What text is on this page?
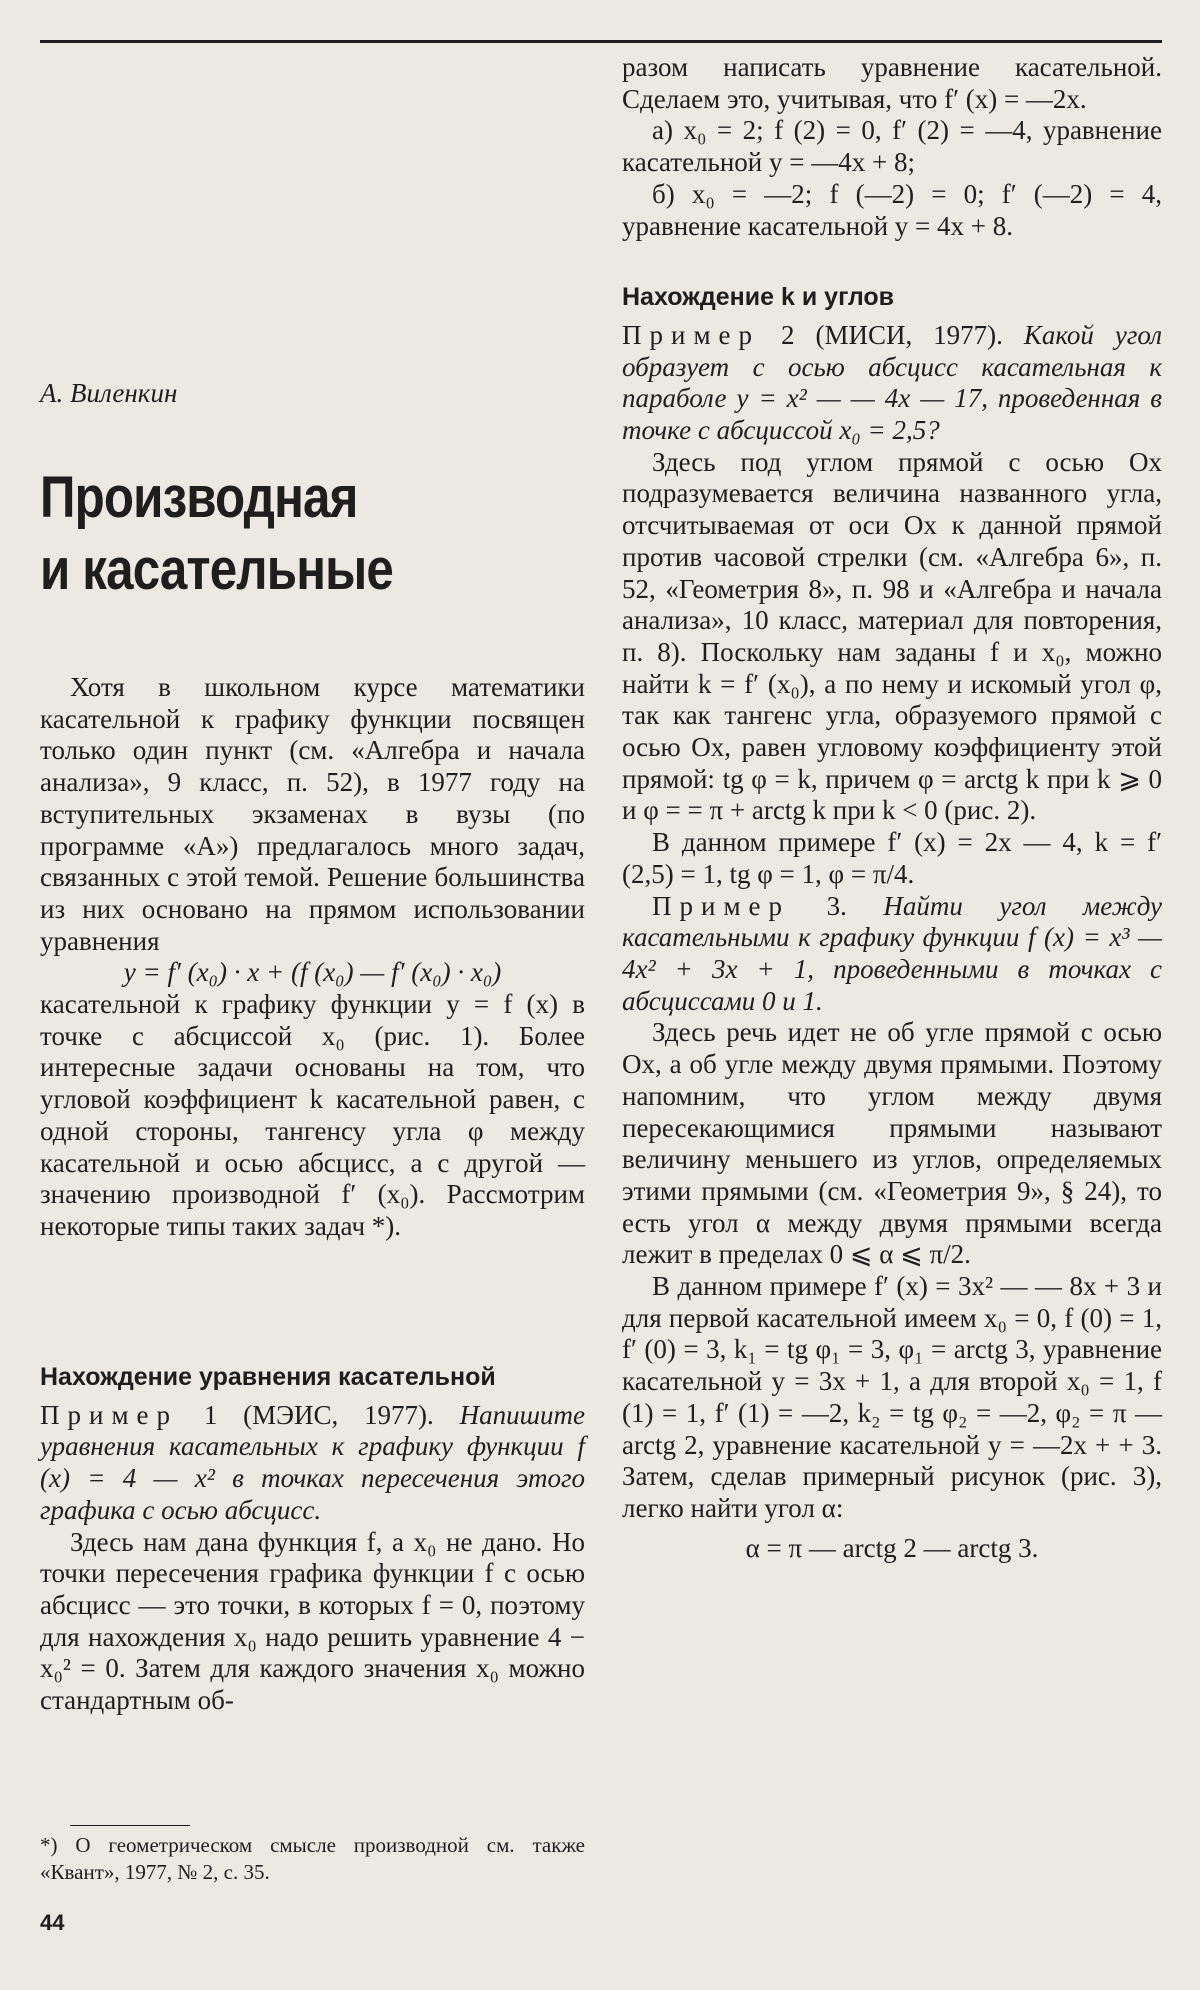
А. Виленкин
Производная
и касательные

Хотя в школьном курсе математики касательной к графику функции посвящен только один пункт (см. «Алгебра и начала анализа», 9 класс, п. 52), в 1977 году на вступительных экзаменах в вузы (по программе «А») предлагалось много задач, связанных с этой темой. Решение большинства из них основано на прямом использовании уравнения

y = f′ (x₀) · x + (f (x₀) — f′ (x₀) · x₀)

касательной к графику функции y = f (x) в точке с абсциссой x₀ (рис. 1). Более интересные задачи основаны на том, что угловой коэффициент k касательной равен, с одной стороны, тангенсу угла φ между касательной и осью абсцисс, а с другой — значению производной f′ (x₀). Рассмотрим некоторые типы таких задач *).

Нахождение уравнения касательной

Пример 1 (МЭИС, 1977). Напишите уравнения касательных к графику функции f (x) = 4 — x² в точках пересечения этого графика с осью абсцисс.

Здесь нам дана функция f, а x₀ не дано. Но точки пересечения графика функции f с осью абсцисс — это точки, в которых f = 0, поэтому для нахождения x₀ надо решить уравнение 4 − x₀² = 0. Затем для каждого значения x₀ можно стандартным об-

*) О геометрическом смысле производной см. также «Квант», 1977, № 2, с. 35.
44

разом написать уравнение касательной. Сделаем это, учитывая, что f′ (x) = —2x.

а) x₀ = 2; f (2) = 0, f′ (2) = —4, уравнение касательной y = —4x + 8;

б) x₀ = —2; f (—2) = 0; f′ (—2) = 4, уравнение касательной y = 4x + 8.

Нахождение k и углов

Пример 2 (МИСИ, 1977). Какой угол образует с осью абсцисс касательная к параболе y = x² — — 4x — 17, проведенная в точке с абсциссой x₀ = 2,5?

Здесь под углом прямой с осью Ox подразумевается величина названного угла, отсчитываемая от оси Ox к данной прямой против часовой стрелки (см. «Алгебра 6», п. 52, «Геометрия 8», п. 98 и «Алгебра и начала анализа», 10 класс, материал для повторения, п. 8). Поскольку нам заданы f и x₀, можно найти k = f′ (x₀), а по нему и искомый угол φ, так как тангенс угла, образуемого прямой с осью Ox, равен угловому коэффициенту этой прямой: tg φ = k, причем φ = arctg k при k ⩾ 0 и φ = = π + arctg k при k < 0 (рис. 2).

В данном примере f′ (x) = 2x — 4, k = f′ (2,5) = 1, tg φ = 1, φ = π/4.

Пример 3. Найти угол между касательными к графику функции f (x) = x³ — 4x² + 3x + 1, проведенными в точках с абсциссами 0 и 1.

Здесь речь идет не об угле прямой с осью Ox, а об угле между двумя прямыми. Поэтому напомним, что углом между двумя пересекающимися прямыми называют величину меньшего из углов, определяемых этими прямыми (см. «Геометрия 9», § 24), то есть угол α между двумя прямыми всегда лежит в пределах 0 ⩽ α ⩽ π/2.

В данном примере f′ (x) = 3x² — — 8x + 3 и для первой касательной имеем x₀ = 0, f (0) = 1, f′ (0) = 3, k₁ = tg φ₁ = 3, φ₁ = arctg 3, уравнение касательной y = 3x + 1, а для второй x₀ = 1, f (1) = 1, f′ (1) = —2, k₂ = tg φ₂ = —2, φ₂ = π — arctg 2, уравнение касательной y = —2x + + 3. Затем, сделав примерный рисунок (рис. 3), легко найти угол α:

α = π — arctg 2 — arctg 3.
